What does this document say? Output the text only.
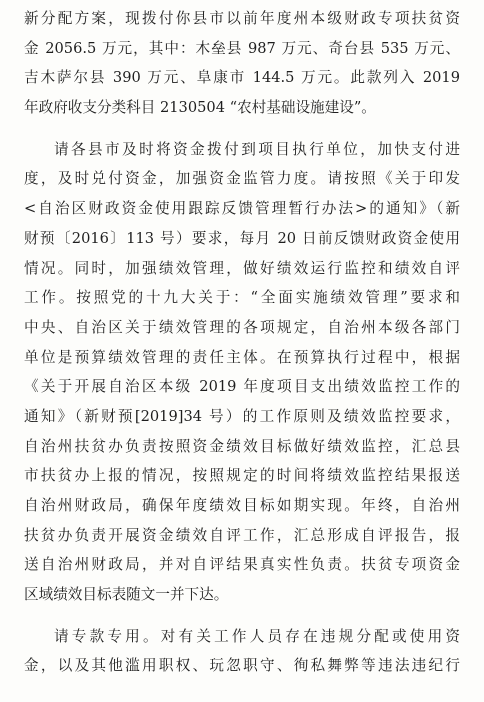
新分配方案，现拨付你县市以前年度州本级财政专项扶贫资
金 2056.5 万元，其中：木垒县 987 万元、奇台县 535 万元、
吉木萨尔县 390 万元、阜康市 144.5 万元。此款列入 2019
年政府收支分类科目 2130504 “农村基础设施建设”。
请各县市及时将资金拨付到项目执行单位，加快支付进
度，及时兑付资金，加强资金监管力度。请按照《关于印发
<自治区财政资金使用跟踪反馈管理暂行办法>的通知》（新
财预〔2016〕113 号）要求，每月 20 日前反馈财政资金使用
情况。同时，加强绩效管理，做好绩效运行监控和绩效自评
工作。按照党的十九大关于：“全面实施绩效管理”要求和
中央、自治区关于绩效管理的各项规定，自治州本级各部门
单位是预算绩效管理的责任主体。在预算执行过程中，根据
《关于开展自治区本级 2019 年度项目支出绩效监控工作的
通知》（新财预[2019]34 号）的工作原则及绩效监控要求，
自治州扶贫办负责按照资金绩效目标做好绩效监控，汇总县
市扶贫办上报的情况，按照规定的时间将绩效监控结果报送
自治州财政局，确保年度绩效目标如期实现。年终，自治州
扶贫办负责开展资金绩效自评工作，汇总形成自评报告，报
送自治州财政局，并对自评结果真实性负责。扶贫专项资金
区域绩效目标表随文一并下达。
请专款专用。对有关工作人员存在违规分配或使用资
金，以及其他滥用职权、玩忽职守、徇私舞弊等违法违纪行
